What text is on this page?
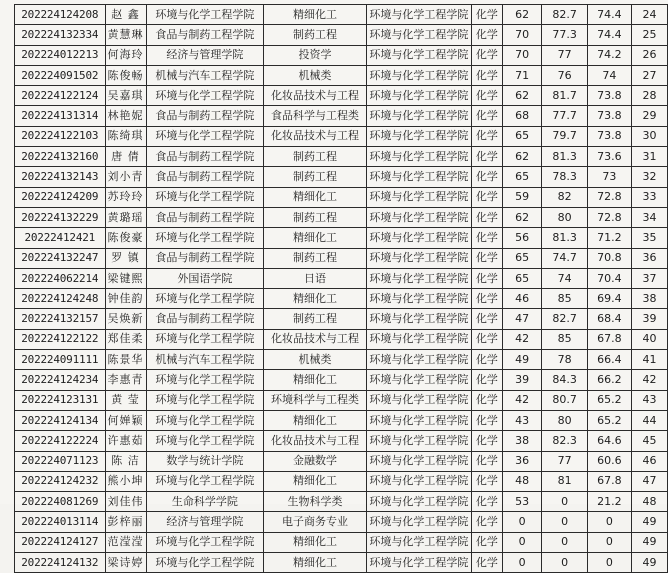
202224124208	赵 鑫	环境与化学工程学院	精细化工	环境与化学工程学院	化学	62	82.7	74.4	24
202224132334	黄慧琳	食品与制药工程学院	制药工程	环境与化学工程学院	化学	70	77.3	74.4	25
202224012213	何海玲	经济与管理学院	投资学	环境与化学工程学院	化学	70	77	74.2	26
202224091502	陈俊畅	机械与汽车工程学院	机械类	环境与化学工程学院	化学	71	76	74	27
202224122124	吴嘉琪	环境与化学工程学院	化妆品技术与工程	环境与化学工程学院	化学	62	81.7	73.8	28
202224131314	林艳妮	食品与制药工程学院	食品科学与工程类	环境与化学工程学院	化学	68	77.7	73.8	29
202224122103	陈绮琪	环境与化学工程学院	化妆品技术与工程	环境与化学工程学院	化学	65	79.7	73.8	30
202224132160	唐 倩	食品与制药工程学院	制药工程	环境与化学工程学院	化学	62	81.3	73.6	31
202224132143	刘小青	食品与制药工程学院	制药工程	环境与化学工程学院	化学	65	78.3	73	32
202224124209	苏玲玲	环境与化学工程学院	精细化工	环境与化学工程学院	化学	59	82	72.8	33
202224132229	黄璐瑶	食品与制药工程学院	制药工程	环境与化学工程学院	化学	62	80	72.8	34
20222412421	陈俊豪	环境与化学工程学院	精细化工	环境与化学工程学院	化学	56	81.3	71.2	35
202224132247	罗 镇	食品与制药工程学院	制药工程	环境与化学工程学院	化学	65	74.7	70.8	36
202224062214	梁键熙	外国语学院	日语	环境与化学工程学院	化学	65	74	70.4	37
202224124248	钟佳韵	环境与化学工程学院	精细化工	环境与化学工程学院	化学	46	85	69.4	38
202224132157	吴焕新	食品与制药工程学院	制药工程	环境与化学工程学院	化学	47	82.7	68.4	39
202224122122	郑佳柔	环境与化学工程学院	化妆品技术与工程	环境与化学工程学院	化学	42	85	67.8	40
202224091111	陈景华	机械与汽车工程学院	机械类	环境与化学工程学院	化学	49	78	66.4	41
202224124234	李惠青	环境与化学工程学院	精细化工	环境与化学工程学院	化学	39	84.3	66.2	42
202224123131	黄 莹	环境与化学工程学院	环境科学与工程类	环境与化学工程学院	化学	42	80.7	65.2	43
202224124134	何婵颖	环境与化学工程学院	精细化工	环境与化学工程学院	化学	43	80	65.2	44
202224122224	许惠茹	环境与化学工程学院	化妆品技术与工程	环境与化学工程学院	化学	38	82.3	64.6	45
202224071123	陈 洁	数学与统计学院	金融数学	环境与化学工程学院	化学	36	77	60.6	46
202224124232	熊小坤	环境与化学工程学院	精细化工	环境与化学工程学院	化学	48	81	67.8	47
202224081269	刘佳伟	生命科学学院	生物科学类	环境与化学工程学院	化学	53	0	21.2	48
202224013114	彭梓丽	经济与管理学院	电子商务专业	环境与化学工程学院	化学	0	0	0	49
202224124127	范滢滢	环境与化学工程学院	精细化工	环境与化学工程学院	化学	0	0	0	49
202224124132	梁诗婷	环境与化学工程学院	精细化工	环境与化学工程学院	化学	0	0	0	49
